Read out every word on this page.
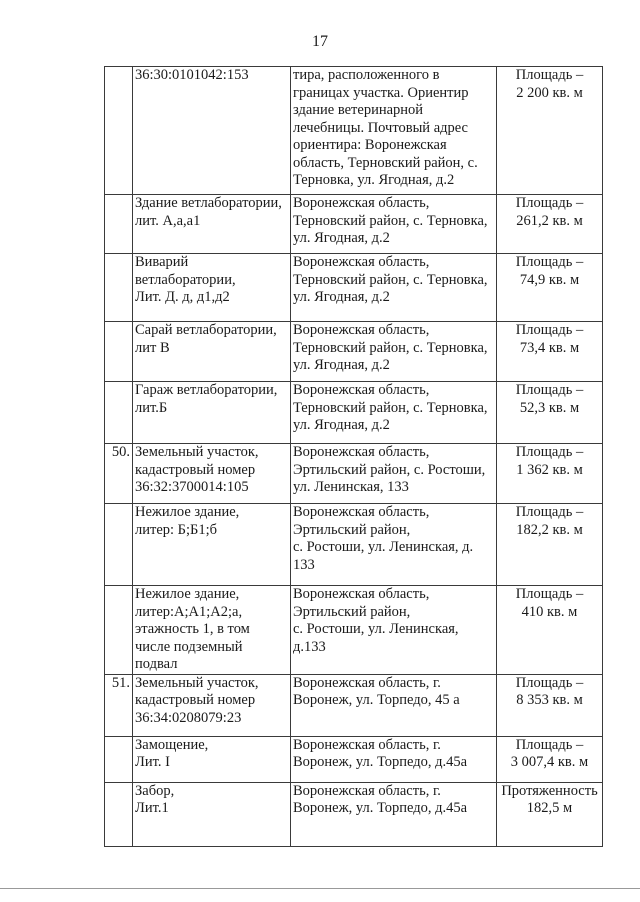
17
	36:30:0101042:153	тира, расположенного в границах участка. Ориентир здание ветеринарной лечебницы. Почтовый адрес ориентира: Воронежская область, Терновский район, с. Терновка, ул. Ягодная, д.2	Площадь –
2 200 кв. м

	Здание ветлаборатории, лит. А,а,а1	Воронежская область, Терновский район, с. Терновка, ул. Ягодная, д.2	Площадь –
261,2 кв. м

	Виварий ветлаборатории,
Лит. Д. д, д1,д2	Воронежская область, Терновский район, с. Терновка, ул. Ягодная, д.2	Площадь –
74,9 кв. м

	Сарай ветлаборатории, лит В	Воронежская область, Терновский район, с. Терновка, ул. Ягодная, д.2	Площадь –
73,4 кв. м

	Гараж ветлаборатории, лит.Б	Воронежская область, Терновский район, с. Терновка, ул. Ягодная, д.2	Площадь –
52,3 кв. м

50.	Земельный участок, кадастровый номер 36:32:3700014:105	Воронежская область, Эртильский район, с. Ростоши, ул. Ленинская, 133	Площадь –
1 362 кв. м

	Нежилое здание,
литер: Б;Б1;б	Воронежская область, Эртильский район,
с. Ростоши, ул. Ленинская, д. 133	Площадь –
182,2 кв. м

	Нежилое здание, литер:А;А1;А2;а, этажность 1, в том числе подземный подвал	Воронежская область, Эртильский район,
с. Ростоши, ул. Ленинская, д.133	Площадь –
410 кв. м

51.	Земельный участок, кадастровый номер 36:34:0208079:23	Воронежская область, г. Воронеж, ул. Торпедо, 45 а	Площадь –
8 353 кв. м

	Замощение,
Лит. I	Воронежская область, г. Воронеж, ул. Торпедо, д.45а	Площадь –
3 007,4 кв. м

	Забор,
Лит.1	Воронежская область, г. Воронеж, ул. Торпедо, д.45а	Протяженность
182,5 м
